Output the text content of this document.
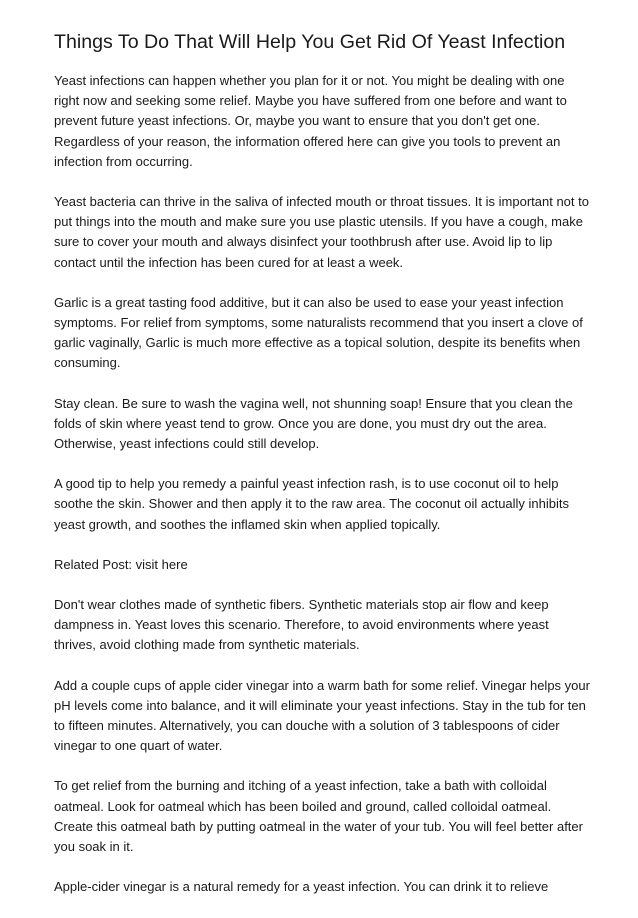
Things To Do That Will Help You Get Rid Of Yeast Infection

Yeast infections can happen whether you plan for it or not. You might be dealing with one
right now and seeking some relief. Maybe you have suffered from one before and want to
prevent future yeast infections. Or, maybe you want to ensure that you don't get one.
Regardless of your reason, the information offered here can give you tools to prevent an
infection from occurring.

Yeast bacteria can thrive in the saliva of infected mouth or throat tissues. It is important not to
put things into the mouth and make sure you use plastic utensils. If you have a cough, make
sure to cover your mouth and always disinfect your toothbrush after use. Avoid lip to lip
contact until the infection has been cured for at least a week.

Garlic is a great tasting food additive, but it can also be used to ease your yeast infection
symptoms. For relief from symptoms, some naturalists recommend that you insert a clove of
garlic vaginally, Garlic is much more effective as a topical solution, despite its benefits when
consuming.

Stay clean. Be sure to wash the vagina well, not shunning soap! Ensure that you clean the
folds of skin where yeast tend to grow. Once you are done, you must dry out the area.
Otherwise, yeast infections could still develop.

A good tip to help you remedy a painful yeast infection rash, is to use coconut oil to help
soothe the skin. Shower and then apply it to the raw area. The coconut oil actually inhibits
yeast growth, and soothes the inflamed skin when applied topically.

Related Post: visit here

Don't wear clothes made of synthetic fibers. Synthetic materials stop air flow and keep
dampness in. Yeast loves this scenario. Therefore, to avoid environments where yeast
thrives, avoid clothing made from synthetic materials.

Add a couple cups of apple cider vinegar into a warm bath for some relief. Vinegar helps your
pH levels come into balance, and it will eliminate your yeast infections. Stay in the tub for ten
to fifteen minutes. Alternatively, you can douche with a solution of 3 tablespoons of cider
vinegar to one quart of water.

To get relief from the burning and itching of a yeast infection, take a bath with colloidal
oatmeal. Look for oatmeal which has been boiled and ground, called colloidal oatmeal.
Create this oatmeal bath by putting oatmeal in the water of your tub. You will feel better after
you soak in it.

Apple-cider vinegar is a natural remedy for a yeast infection. You can drink it to relieve
